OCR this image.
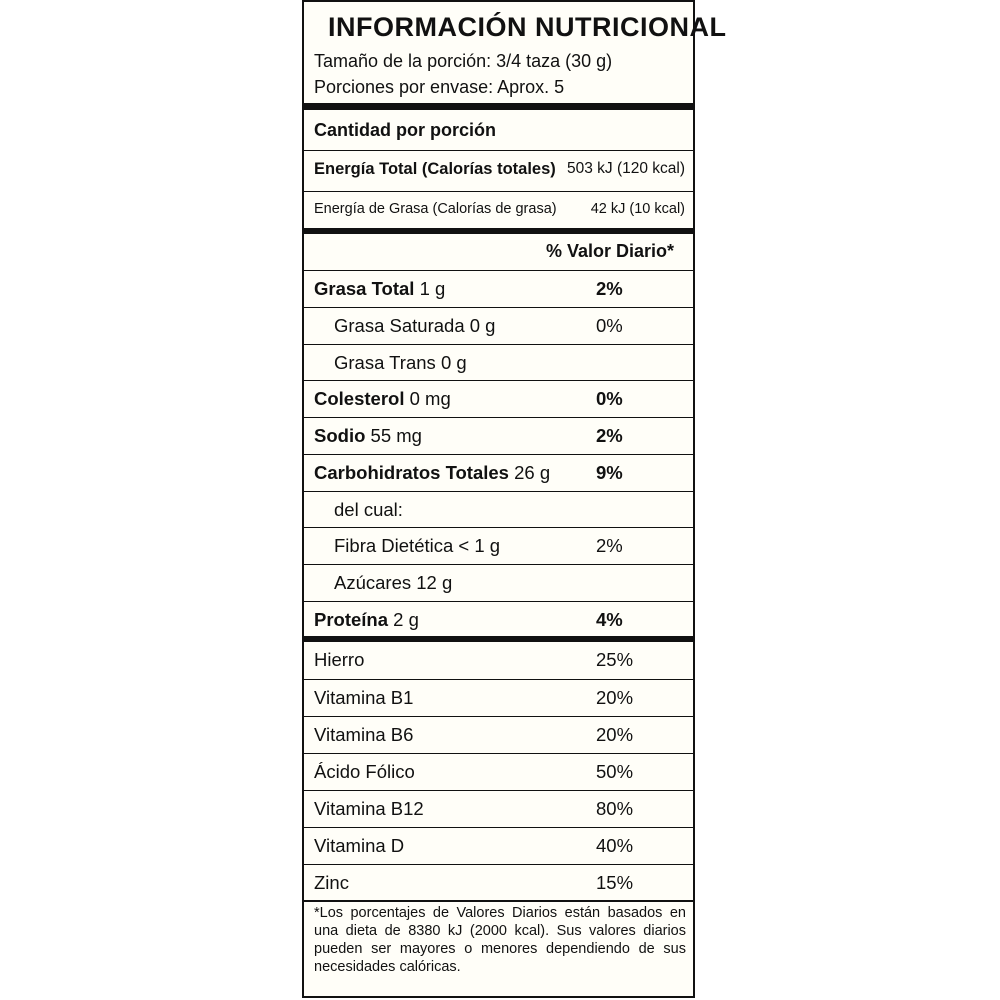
INFORMACIÓN NUTRICIONAL
Tamaño de la porción: 3/4 taza (30 g)
Porciones por envase: Aprox. 5
Cantidad por porción
Energía Total (Calorías totales) 503 kJ (120 kcal)
Energía de Grasa (Calorías de grasa) 42 kJ (10 kcal)
% Valor Diario*
Grasa Total 1 g	2%
Grasa Saturada 0 g	0%
Grasa Trans 0 g
Colesterol 0 mg	0%
Sodio 55 mg	2%
Carbohidratos Totales 26 g 9%
del cual:
Fibra Dietética < 1 g	2%
Azúcares 12 g
Proteína 2 g	4%
Hierro	25%
Vitamina B1	20%
Vitamina B6	20%
Ácido Fólico	50%
Vitamina B12	80%
Vitamina D	40%
Zinc	15%
*Los porcentajes de Valores Diarios están basados en una dieta de 8380 kJ (2000 kcal). Sus valores diarios pueden ser mayores o menores dependiendo de sus necesidades calóricas.
